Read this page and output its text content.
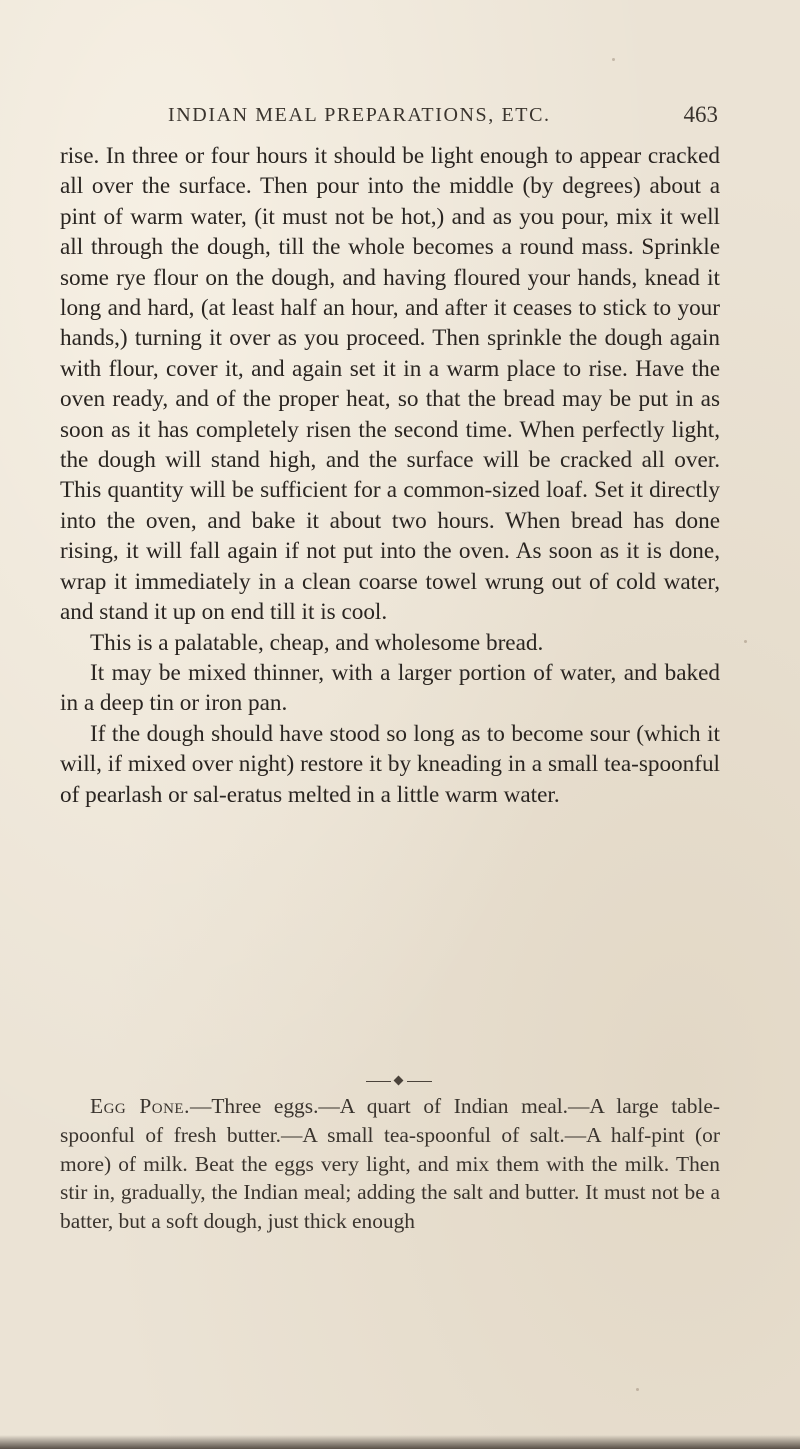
INDIAN MEAL PREPARATIONS, ETC.	463

rise. In three or four hours it should be light enough to appear cracked all over the surface. Then pour into the middle (by degrees) about a pint of warm water, (it must not be hot,) and as you pour, mix it well all through the dough, till the whole becomes a round mass. Sprinkle some rye flour on the dough, and having floured your hands, knead it long and hard, (at least half an hour, and after it ceases to stick to your hands,) turning it over as you proceed. Then sprinkle the dough again with flour, cover it, and again set it in a warm place to rise. Have the oven ready, and of the proper heat, so that the bread may be put in as soon as it has completely risen the second time. When perfectly light, the dough will stand high, and the surface will be cracked all over. This quantity will be sufficient for a common-sized loaf. Set it directly into the oven, and bake it about two hours. When bread has done rising, it will fall again if not put into the oven. As soon as it is done, wrap it immediately in a clean coarse towel wrung out of cold water, and stand it up on end till it is cool.

This is a palatable, cheap, and wholesome bread.

It may be mixed thinner, with a larger portion of water, and baked in a deep tin or iron pan.

If the dough should have stood so long as to become sour (which it will, if mixed over night) restore it by kneading in a small tea-spoonful of pearlash or sal-eratus melted in a little warm water.

Egg Pone.—Three eggs.—A quart of Indian meal.—A large table-spoonful of fresh butter.—A small tea-spoonful of salt.—A half-pint (or more) of milk. Beat the eggs very light, and mix them with the milk. Then stir in, gradually, the Indian meal; adding the salt and butter. It must not be a batter, but a soft dough, just thick enough
